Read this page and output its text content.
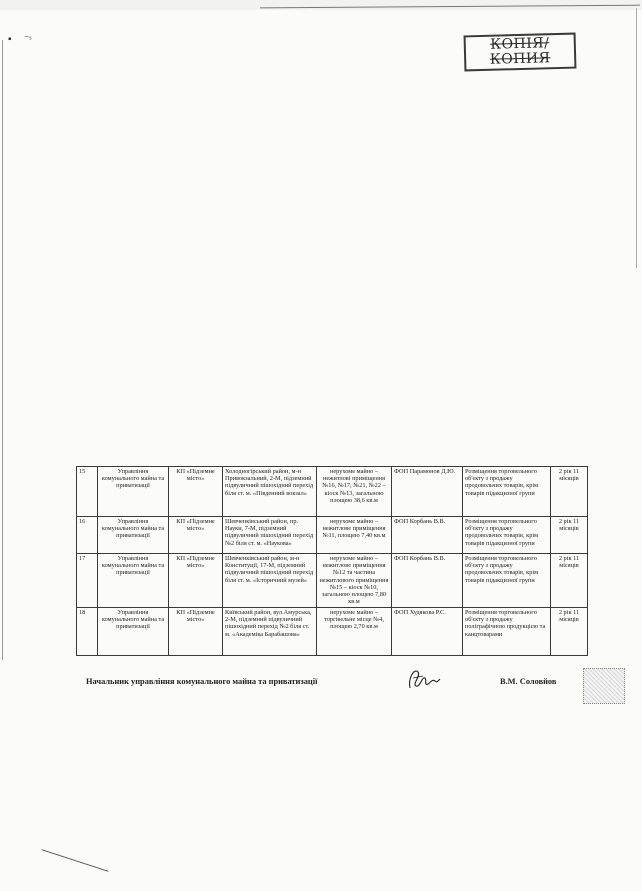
▪     ⁻ˢ	КОПІЯ/
КОПИЯ
15	Управління комунального майна та приватизації	КП «Підземне місто»	Холодногірський район, м-н Привокзальний, 2-М, підземний підвуличний пішохідний перехід біля ст. м. «Південний вокзал»	нерухоме майно – нежитлові приміщення №16, №17, №21, №22 – кіоск №13, загальною площею 38,6 кв.м	ФОП Парамонов Д.Ю.	Розміщення торговельного об'єкту з продажу продовольчих товарів, крім товарів підакцизної групи	2 рік 11 місяців
16	Управління комунального майна та приватизації	КП «Підземне місто»	Шевченківський район, пр. Науки, 7-М, підземний підвуличний пішохідний перехід №2 біля ст. м. «Наукова»	нерухоме майно – нежитлове приміщення №11, площею 7,40 кв.м	ФОП Корбань В.В.	Розміщення торговельного об'єкту з продажу продовольчих товарів, крім товарів підакцизної групи	2 рік 11 місяців
17	Управління комунального майна та приватизації	КП «Підземне місто»	Шевченківський район, м-н Конституції, 17-М, підземний підвуличний пішохідний перехід біля ст. м. «Історичний музей»	нерухоме майно – нежитлове приміщення №12 та частина нежитлового приміщення №15 – кіоск №10, загальною площею 7,80 кв.м	ФОП Корбань В.В.	Розміщення торговельного об'єкту з продажу продовольчих товарів, крім товарів підакцизної групи	2 рік 11 місяців
18	Управління комунального майна та приватизації	КП «Підземне місто»	Київський район, вул.Амурська, 2-М, підземний підвуличний пішохідний перехід №2 біля ст. м. «Академіка Барабашова»	нерухоме майно – торгівельне місце №4, площею 2,70 кв.м	ФОП Худякова Р.С.	Розміщення торговельного об'єкту з продажу поліграфічною продукцією та канцтоварами	2 рік 11 місяців
Начальник управління комунального майна та приватизації	В.М. Соловйов
